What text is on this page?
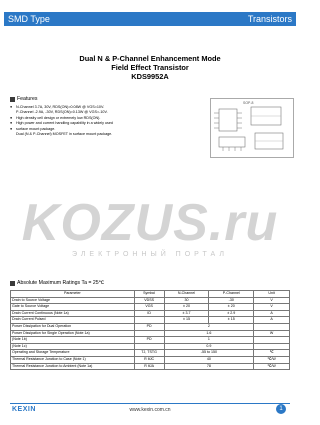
SMD Type	Transistors
Dual N & P-Channel Enhancement Mode
Field Effect Transistor
KDS9952A
Features
●	N-Channel 3.7A, 30V, RDS(ON)=0.08W @ VGS=10V.
P-Channel -2.9A, -30V, RDS(ON)=0.13W @ VGS=-10V.
●	High density cell design or extremely low RDS(ON).
●	High power and current handling capability in a widely used
●	surface mount package.
Dual (N & P-Channel) MOSFET in surface mount package.
SOP-8
KOZUS.ru
ЭЛЕКТРОННЫЙ ПОРТАЛ
Absolute Maximum Ratings Ta = 25℃
Parameter	Symbol	N-Channel	P-Channel	Unit
Drain to Source Voltage	VDSS	30	-30	V
Gate to Source Voltage	VGS	± 20	± 20	V
Drain Current Continuous (Note 1a)	ID	± 3.7	± 2.9	A
Drain Current Pulsed		± 15	± 15	A
Power Dissipation for Dual Operation	PD	2		
Power Dissipation for Single Operation (Note 1a)		1.6		W
(Note 1b)	PD	1		
(Note 1c)		0.9		
Operating and Storage Temperature	TJ, TSTG	-55 to 150		℃
Thermal Resistance Junction to Case (Note 1)	R θJC	40		℃/W
Thermal Resistance Junction to Ambient (Note 1a)	R θJA	78		℃/W
KEXIN	www.kexin.com.cn	1
